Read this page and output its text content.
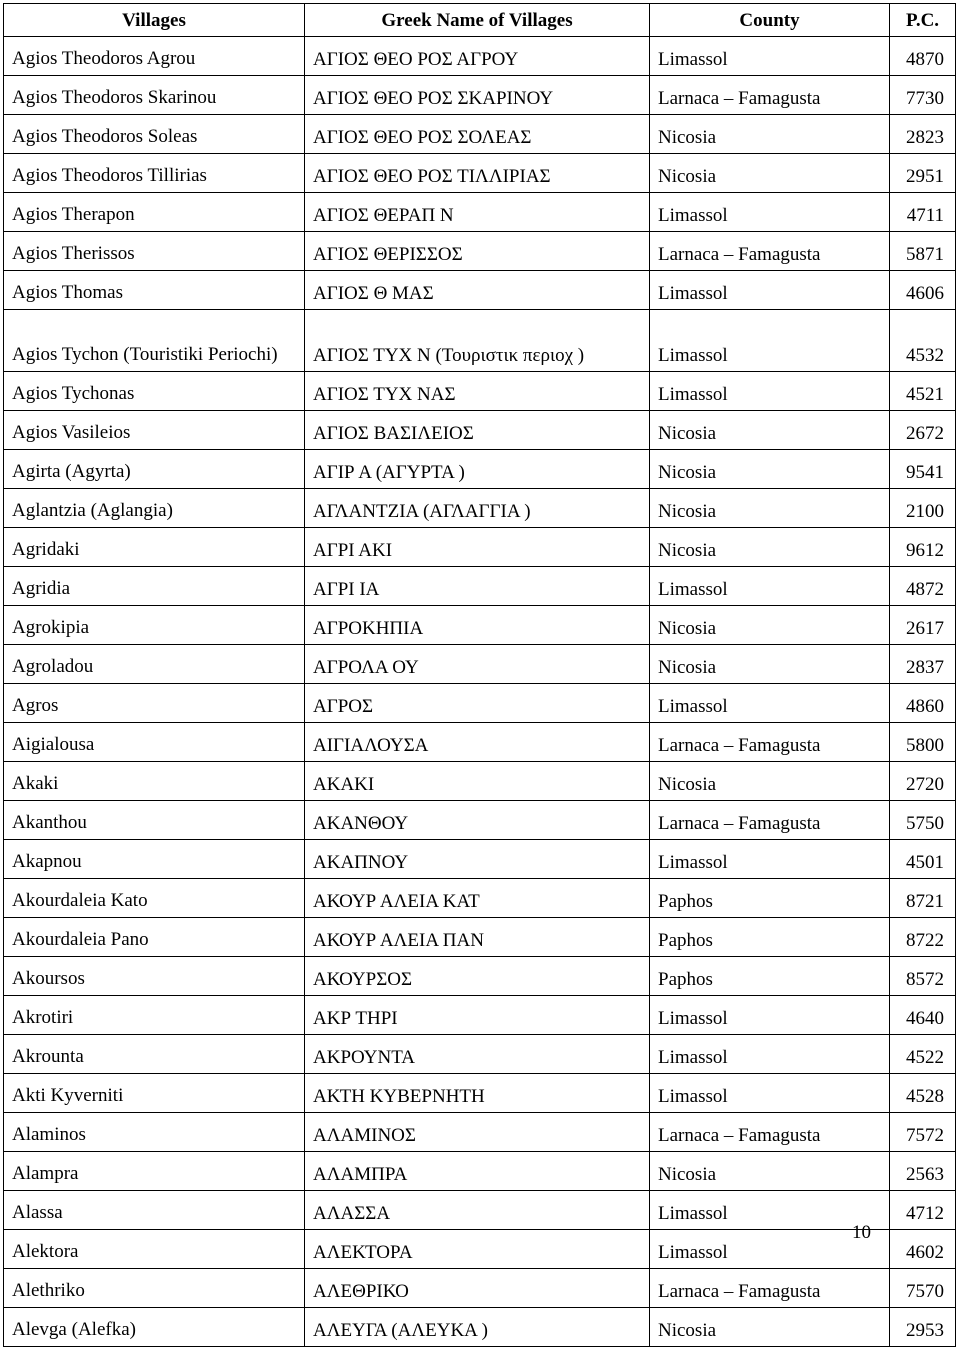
Villages	Greek Name of Villages	County	P.C.
Agios Theodoros Agrou	ΑΓΙΟΣ ΘΕΟ ΡΟΣ ΑΓΡΟΥ	Limassol	4870
Agios Theodoros Skarinou	ΑΓΙΟΣ ΘΕΟ ΡΟΣ ΣΚΑΡΙΝΟΥ	Larnaca – Famagusta	7730
Agios Theodoros Soleas	ΑΓΙΟΣ ΘΕΟ ΡΟΣ ΣΟΛΕΑΣ	Nicosia	2823
Agios Theodoros Tillirias	ΑΓΙΟΣ ΘΕΟ ΡΟΣ ΤΙΛΛΙΡΙΑΣ	Nicosia	2951
Agios Therapon	ΑΓΙΟΣ ΘΕΡΑΠ Ν	Limassol	4711
Agios Therissos	ΑΓΙΟΣ ΘΕΡΙΣΣΟΣ	Larnaca – Famagusta	5871
Agios Thomas	ΑΓΙΟΣ Θ ΜΑΣ	Limassol	4606
Agios Tychon (Touristiki Periochi)	ΑΓΙΟΣ ΤΥΧ Ν (Τουριστικ περιοχ )	Limassol	4532
Agios Tychonas	ΑΓΙΟΣ ΤΥΧ ΝΑΣ	Limassol	4521
Agios Vasileios	ΑΓΙΟΣ ΒΑΣΙΛΕΙΟΣ	Nicosia	2672
Agirta (Agyrta)	ΑΓΙΡ Α (ΑΓΥΡΤΑ )	Nicosia	9541
Aglantzia (Aglangia)	ΑΓΛΑΝΤΖΙΑ (ΑΓΛΑΓΓΙΑ )	Nicosia	2100
Agridaki	ΑΓΡΙ ΑΚΙ	Nicosia	9612
Agridia	ΑΓΡΙ ΙΑ	Limassol	4872
Agrokipia	ΑΓΡΟΚΗΠΙΑ	Nicosia	2617
Agroladou	ΑΓΡΟΛΑ ΟΥ	Nicosia	2837
Agros	ΑΓΡΟΣ	Limassol	4860
Aigialousa	ΑΙΓΙΑΛΟΥΣΑ	Larnaca – Famagusta	5800
Akaki	ΑΚΑΚΙ	Nicosia	2720
Akanthou	ΑΚΑΝΘΟΥ	Larnaca – Famagusta	5750
Akapnou	ΑΚΑΠΝΟΥ	Limassol	4501
Akourdaleia Kato	ΑΚΟΥΡ ΑΛΕΙΑ ΚΑΤ	Paphos	8721
Akourdaleia Pano	ΑΚΟΥΡ ΑΛΕΙΑ ΠΑΝ	Paphos	8722
Akoursos	ΑΚΟΥΡΣΟΣ	Paphos	8572
Akrotiri	ΑΚΡ ΤΗΡΙ	Limassol	4640
Akrounta	ΑΚΡΟΥΝΤΑ	Limassol	4522
Akti Kyverniti	ΑΚΤΗ ΚΥΒΕΡΝΗΤΗ	Limassol	4528
Alaminos	ΑΛΑΜΙΝΟΣ	Larnaca – Famagusta	7572
Alampra	ΑΛΑΜΠΡΑ	Nicosia	2563
Alassa	ΑΛΑΣΣΑ	Limassol	4712
Alektora	ΑΛΕΚΤΟΡΑ	Limassol	4602
Alethriko	ΑΛΕΘΡΙΚΟ	Larnaca – Famagusta	7570
Alevga (Alefka)	ΑΛΕΥΓΑ (ΑΛΕΥΚΑ )	Nicosia	2953
10
